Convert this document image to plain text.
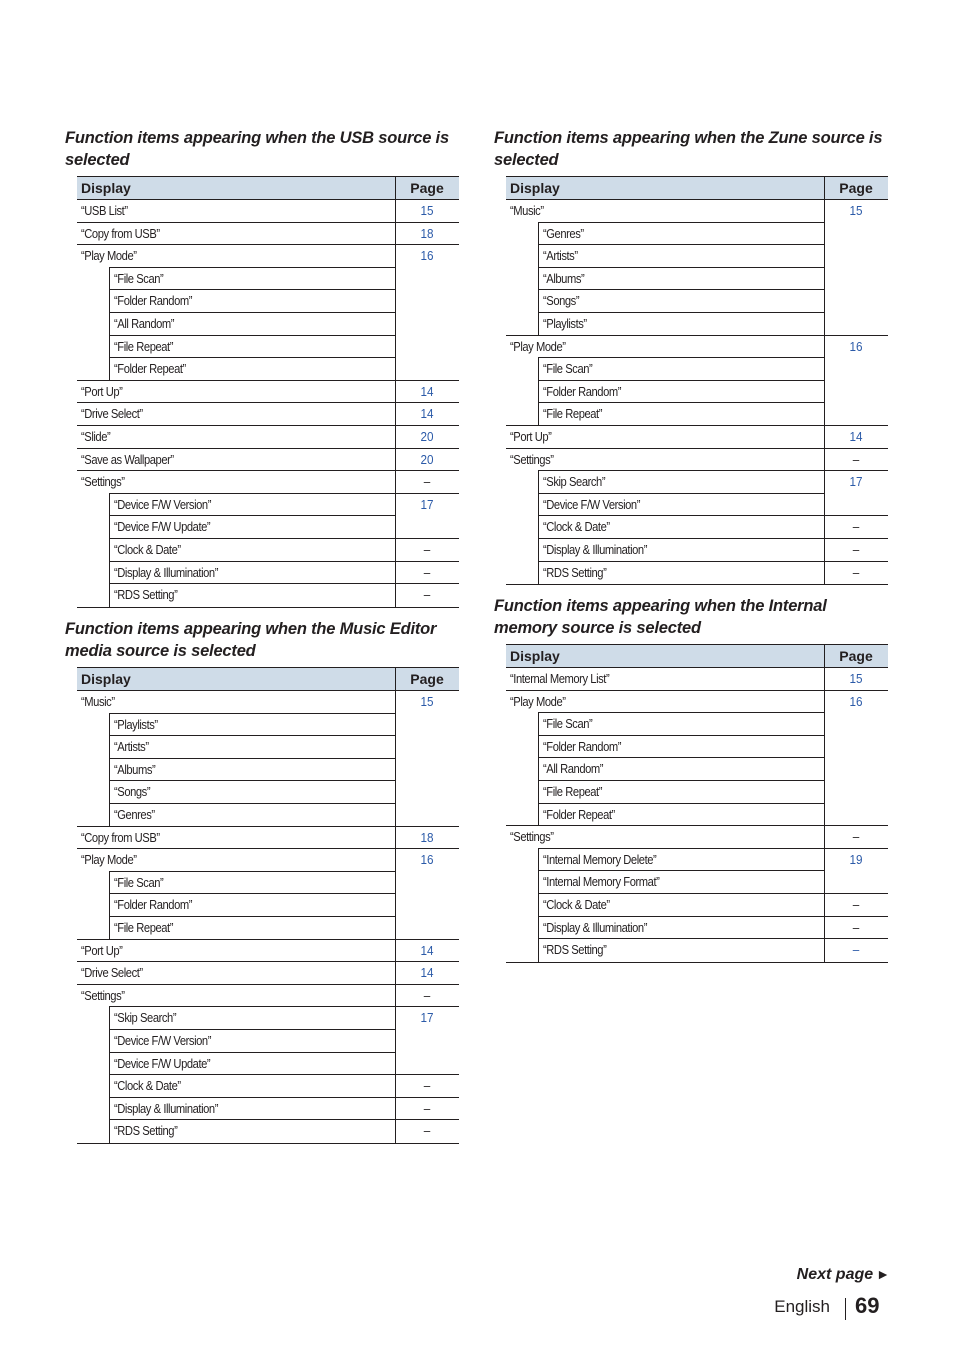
Function items appearing when the USB source is selected
Display	Page
“USB List”	15
“Copy from USB”	18
“Play Mode”	16
“File Scan”
“Folder Random”
“All Random”
“File Repeat”
“Folder Repeat”
“Port Up”	14
“Drive Select”	14
“Slide”	20
“Save as Wallpaper”	20
“Settings”	–
“Device F/W Version”	17
“Device F/W Update”
“Clock & Date”	–
“Display & Illumination”	–
“RDS Setting”	–
Function items appearing when the Music Editor media source is selected
Display	Page
“Music”	15
“Playlists”
“Artists”
“Albums”
“Songs”
“Genres”
“Copy from USB”	18
“Play Mode”	16
“File Scan”
“Folder Random”
“File Repeat”
“Port Up”	14
“Drive Select”	14
“Settings”	–
“Skip Search”	17
“Device F/W Version”
“Device F/W Update”
“Clock & Date”	–
“Display & Illumination”	–
“RDS Setting”	–
Function items appearing when the Zune source is selected
Display	Page
“Music”	15
“Genres”
“Artists”
“Albums”
“Songs”
“Playlists”
“Play Mode”	16
“File Scan”
“Folder Random”
“File Repeat”
“Port Up”	14
“Settings”	–
“Skip Search”	17
“Device F/W Version”
“Clock & Date”	–
“Display & Illumination”	–
“RDS Setting”	–
Function items appearing when the Internal memory source is selected
Display	Page
“Internal Memory List”	15
“Play Mode”	16
“File Scan”
“Folder Random”
“All Random”
“File Repeat”
“Folder Repeat”
“Settings”	–
“Internal Memory Delete”	19
“Internal Memory Format”
“Clock & Date”	–
“Display & Illumination”	–
“RDS Setting”	–
Next page ►
English 69
